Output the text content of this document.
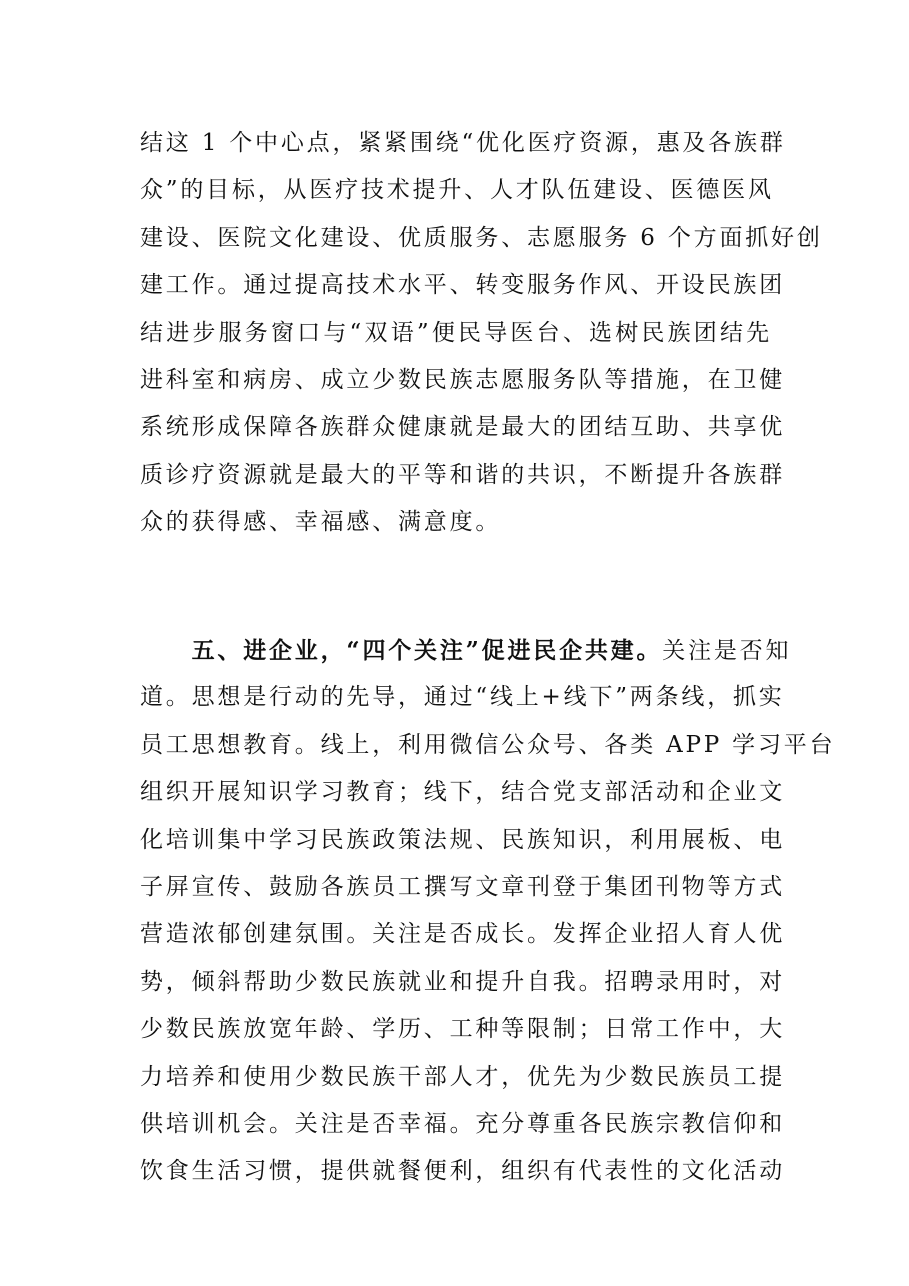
结这 1 个中心点，紧紧围绕“优化医疗资源，惠及各族群
众”的目标，从医疗技术提升、人才队伍建设、医德医风
建设、医院文化建设、优质服务、志愿服务 6 个方面抓好创
建工作。通过提高技术水平、转变服务作风、开设民族团
结进步服务窗口与“双语”便民导医台、选树民族团结先
进科室和病房、成立少数民族志愿服务队等措施，在卫健
系统形成保障各族群众健康就是最大的团结互助、共享优
质诊疗资源就是最大的平等和谐的共识，不断提升各族群
众的获得感、幸福感、满意度。
  五、进企业，“四个关注”促进民企共建。关注是否知
道。思想是行动的先导，通过“线上+线下”两条线，抓实
员工思想教育。线上，利用微信公众号、各类 APP 学习平台
组织开展知识学习教育；线下，结合党支部活动和企业文
化培训集中学习民族政策法规、民族知识，利用展板、电
子屏宣传、鼓励各族员工撰写文章刊登于集团刊物等方式
营造浓郁创建氛围。关注是否成长。发挥企业招人育人优
势，倾斜帮助少数民族就业和提升自我。招聘录用时，对
少数民族放宽年龄、学历、工种等限制；日常工作中，大
力培养和使用少数民族干部人才，优先为少数民族员工提
供培训机会。关注是否幸福。充分尊重各民族宗教信仰和
饮食生活习惯，提供就餐便利，组织有代表性的文化活动
